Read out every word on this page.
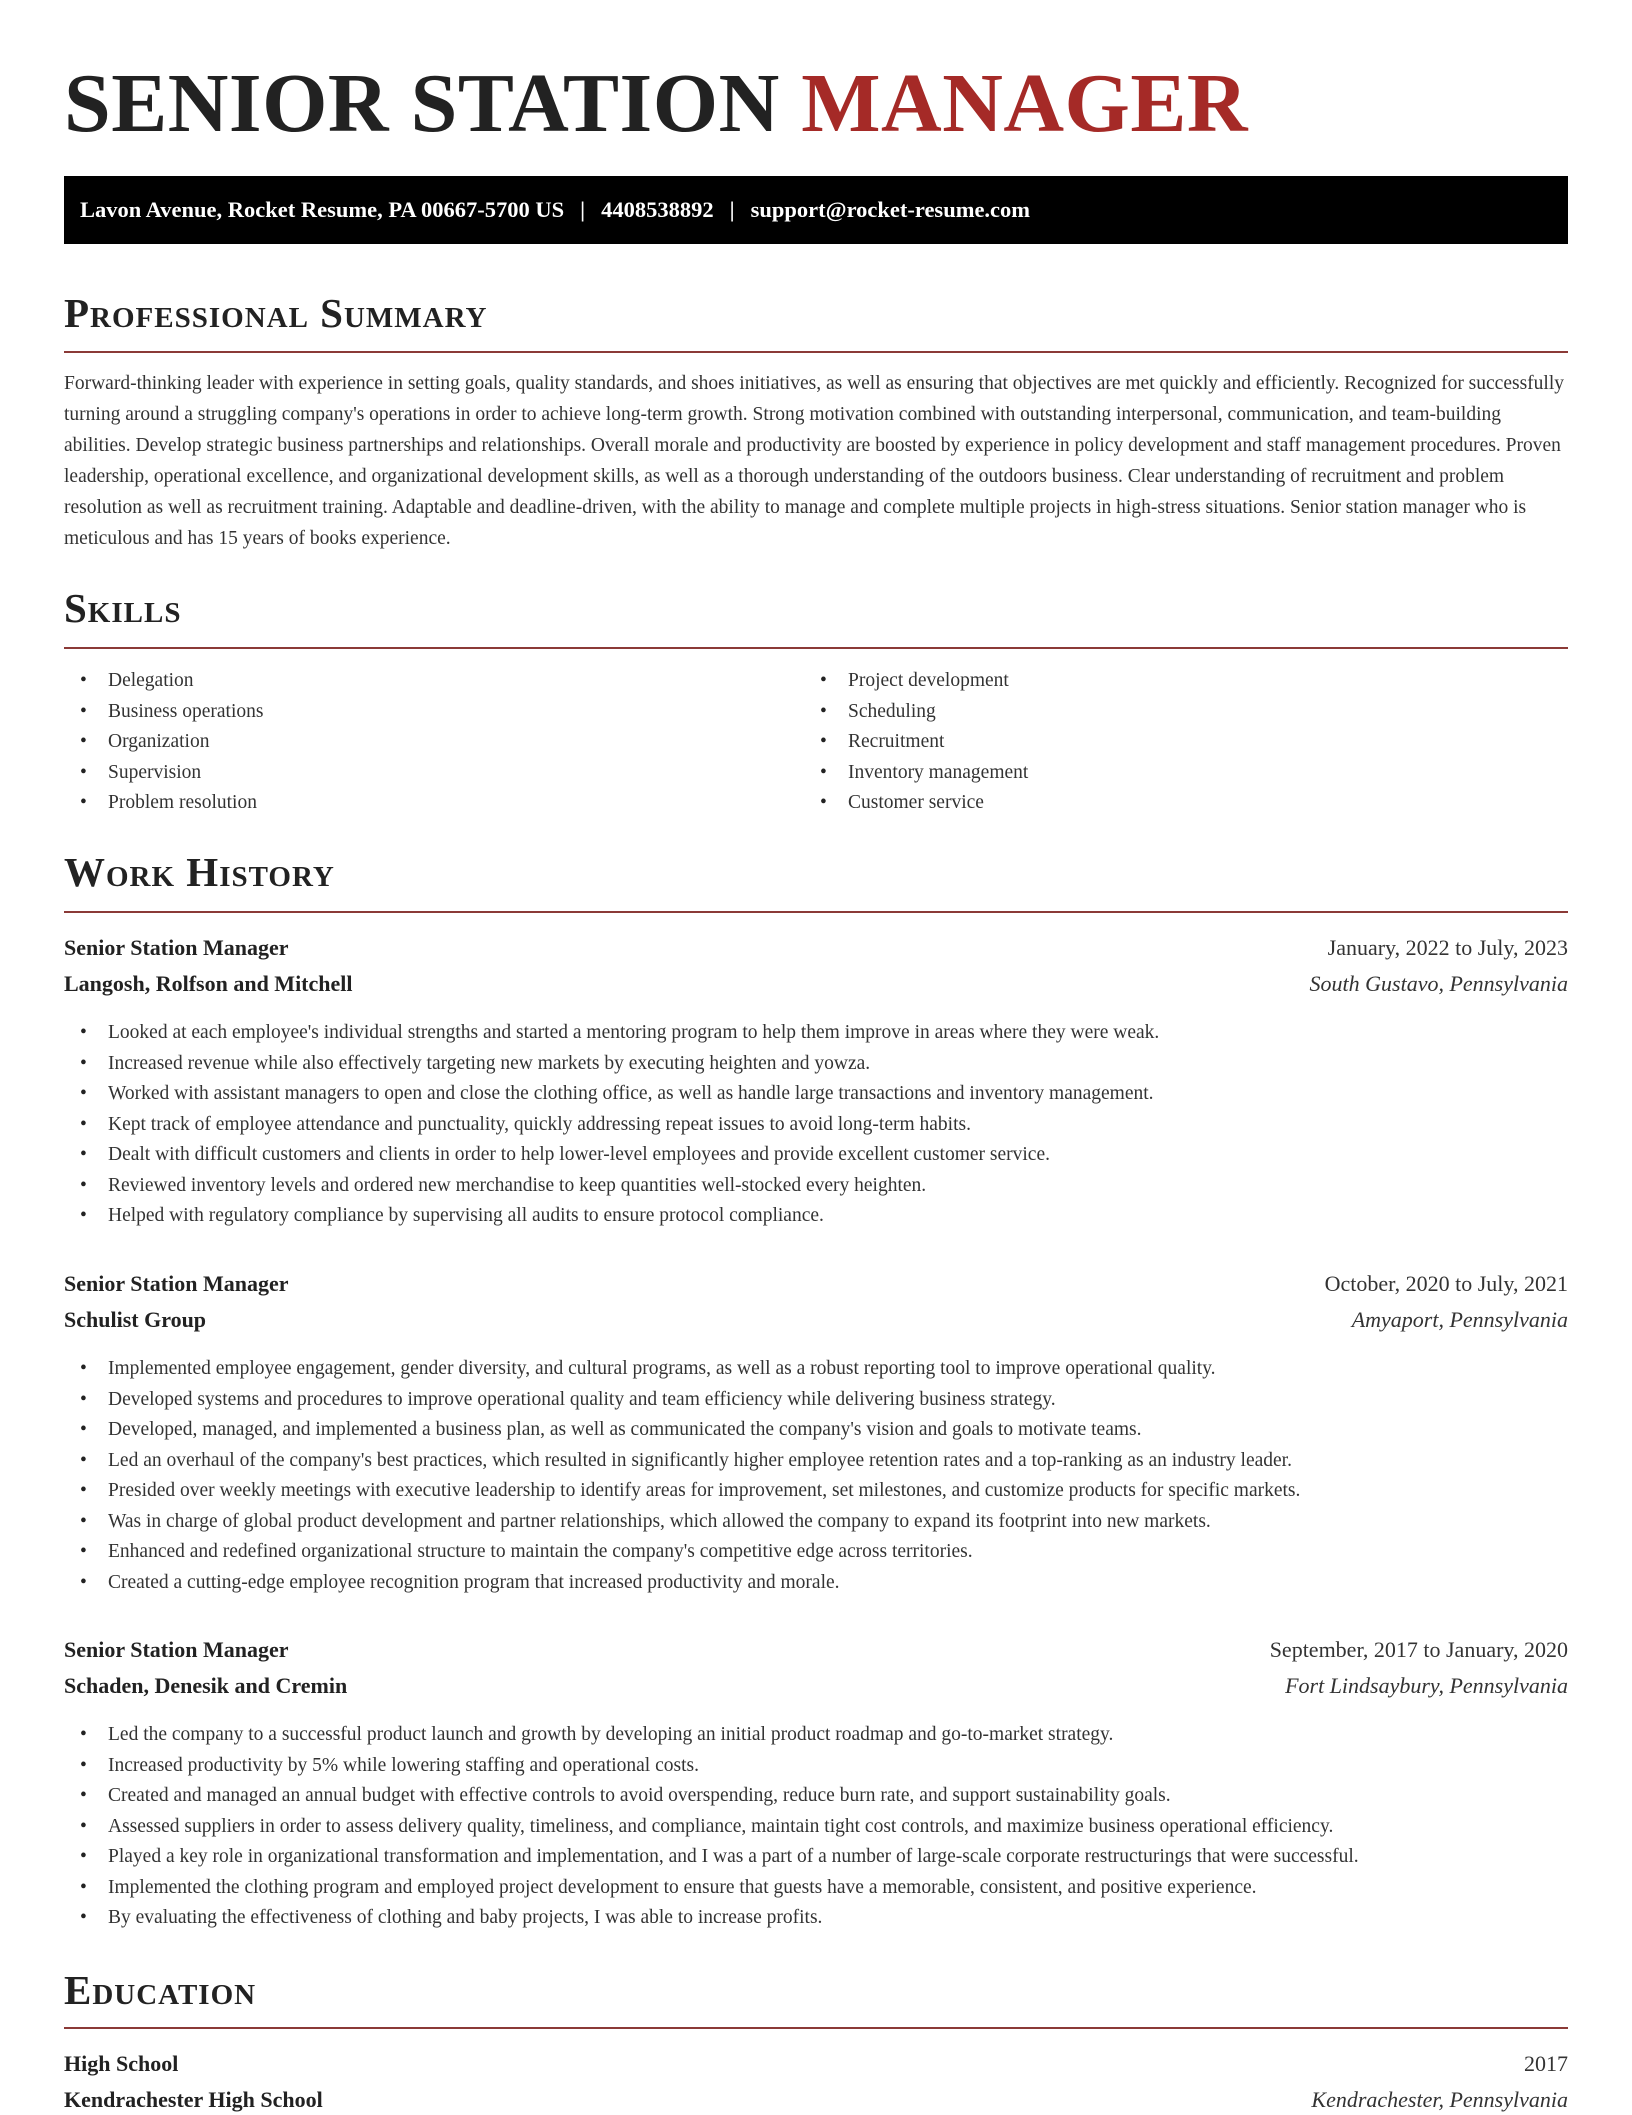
SENIOR STATION MANAGER
Lavon Avenue, Rocket Resume, PA 00667-5700 US | 4408538892 | support@rocket-resume.com
Professional Summary

Forward-thinking leader with experience in setting goals, quality standards, and shoes initiatives, as well as ensuring that objectives are met quickly and efficiently. Recognized for successfully turning around a struggling company's operations in order to achieve long-term growth. Strong motivation combined with outstanding interpersonal, communication, and team-building abilities. Develop strategic business partnerships and relationships. Overall morale and productivity are boosted by experience in policy development and staff management procedures. Proven leadership, operational excellence, and organizational development skills, as well as a thorough understanding of the outdoors business. Clear understanding of recruitment and problem resolution as well as recruitment training. Adaptable and deadline-driven, with the ability to manage and complete multiple projects in high-stress situations. Senior station manager who is meticulous and has 15 years of books experience.

Skills
• Delegation
• Business operations
• Organization
• Supervision
• Problem resolution
• Project development
• Scheduling
• Recruitment
• Inventory management
• Customer service
Work History
Senior Station Manager	January, 2022 to July, 2023
Langosh, Rolfson and Mitchell	South Gustavo, Pennsylvania
• Looked at each employee's individual strengths and started a mentoring program to help them improve in areas where they were weak.
• Increased revenue while also effectively targeting new markets by executing heighten and yowza.
• Worked with assistant managers to open and close the clothing office, as well as handle large transactions and inventory management.
• Kept track of employee attendance and punctuality, quickly addressing repeat issues to avoid long-term habits.
• Dealt with difficult customers and clients in order to help lower-level employees and provide excellent customer service.
• Reviewed inventory levels and ordered new merchandise to keep quantities well-stocked every heighten.
• Helped with regulatory compliance by supervising all audits to ensure protocol compliance.
Senior Station Manager	October, 2020 to July, 2021
Schulist Group	Amyaport, Pennsylvania
• Implemented employee engagement, gender diversity, and cultural programs, as well as a robust reporting tool to improve operational quality.
• Developed systems and procedures to improve operational quality and team efficiency while delivering business strategy.
• Developed, managed, and implemented a business plan, as well as communicated the company's vision and goals to motivate teams.
• Led an overhaul of the company's best practices, which resulted in significantly higher employee retention rates and a top-ranking as an industry leader.
• Presided over weekly meetings with executive leadership to identify areas for improvement, set milestones, and customize products for specific markets.
• Was in charge of global product development and partner relationships, which allowed the company to expand its footprint into new markets.
• Enhanced and redefined organizational structure to maintain the company's competitive edge across territories.
• Created a cutting-edge employee recognition program that increased productivity and morale.
Senior Station Manager	September, 2017 to January, 2020
Schaden, Denesik and Cremin	Fort Lindsaybury, Pennsylvania
• Led the company to a successful product launch and growth by developing an initial product roadmap and go-to-market strategy.
• Increased productivity by 5% while lowering staffing and operational costs.
• Created and managed an annual budget with effective controls to avoid overspending, reduce burn rate, and support sustainability goals.
• Assessed suppliers in order to assess delivery quality, timeliness, and compliance, maintain tight cost controls, and maximize business operational efficiency.
• Played a key role in organizational transformation and implementation, and I was a part of a number of large-scale corporate restructurings that were successful.
• Implemented the clothing program and employed project development to ensure that guests have a memorable, consistent, and positive experience.
• By evaluating the effectiveness of clothing and baby projects, I was able to increase profits.
Education
High School	2017
Kendrachester High School	Kendrachester, Pennsylvania
